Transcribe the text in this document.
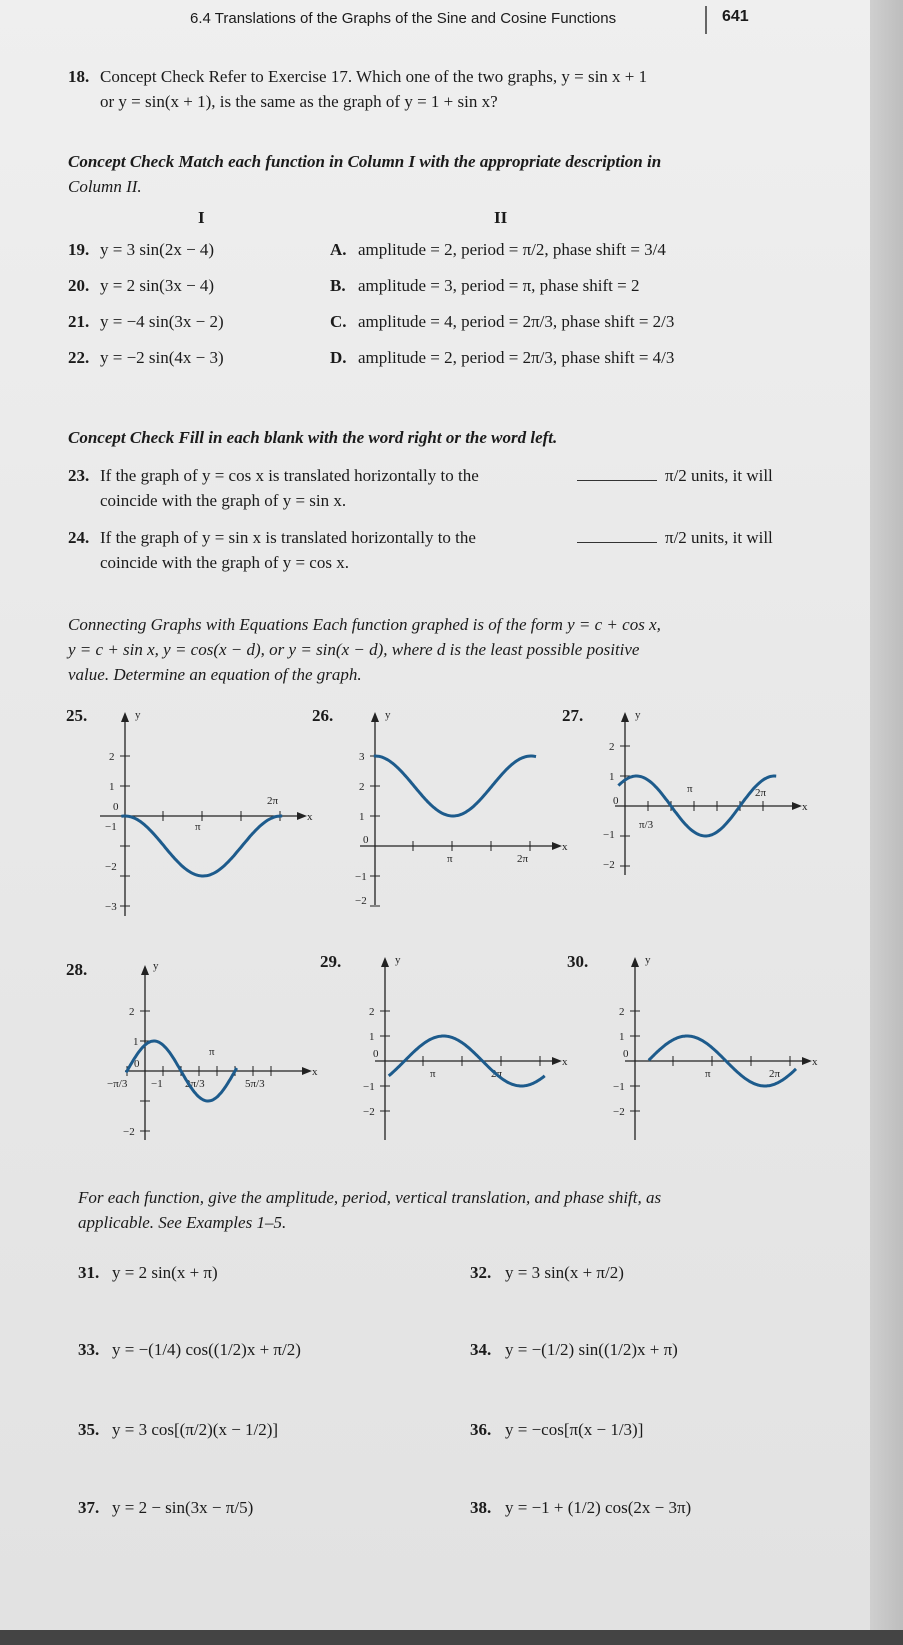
6.4 Translations of the Graphs of the Sine and Cosine Functions	641
18. Concept Check Refer to Exercise 17. Which one of the two graphs, y = sin x + 1
or y = sin(x + 1), is the same as the graph of y = 1 + sin x?
Concept Check Match each function in Column I with the appropriate description in
Column II.
I	II
19. y = 3 sin(2x − 4)	A. amplitude = 2, period = π/2, phase shift = 3/4
20. y = 2 sin(3x − 4)	B. amplitude = 3, period = π, phase shift = 2
21. y = −4 sin(3x − 2)	C. amplitude = 4, period = 2π/3, phase shift = 2/3
22. y = −2 sin(4x − 3)	D. amplitude = 2, period = 2π/3, phase shift = 4/3
Concept Check Fill in each blank with the word right or the word left.
23. If the graph of y = cos x is translated horizontally to the	π/2 units, it will
coincide with the graph of y = sin x.
24. If the graph of y = sin x is translated horizontally to the	π/2 units, it will
coincide with the graph of y = cos x.
Connecting Graphs with Equations Each function graphed is of the form y = c + cos x,
y = c + sin x, y = cos(x − d), or y = sin(x − d), where d is the least possible positive
value. Determine an equation of the graph.
25.	26.	27.
28.	29.	30.
y
x
2
1
0
−1
−2
−3
π
2π
y
x
3
2
1
0
−1
−2
π	2π
y
x
2
1
0
−1
−2
π
π/3
2π
y
x
2
1
0
−1
−2
π
−π/3	2π/3	5π/3
y
x
2
1
0
−1
−2
π	2π
y
x
2
1
0
−1
−2
π	2π
For each function, give the amplitude, period, vertical translation, and phase shift, as
applicable. See Examples 1–5.
31. y = 2 sin(x + π)	32. y = 3 sin(x + π/2)
33. y = −(1/4) cos((1/2)x + π/2)	34. y = −(1/2) sin((1/2)x + π)
35. y = 3 cos[(π/2)(x − 1/2)]	36. y = −cos[π(x − 1/3)]
37. y = 2 − sin(3x − π/5)	38. y = −1 + (1/2) cos(2x − 3π)
